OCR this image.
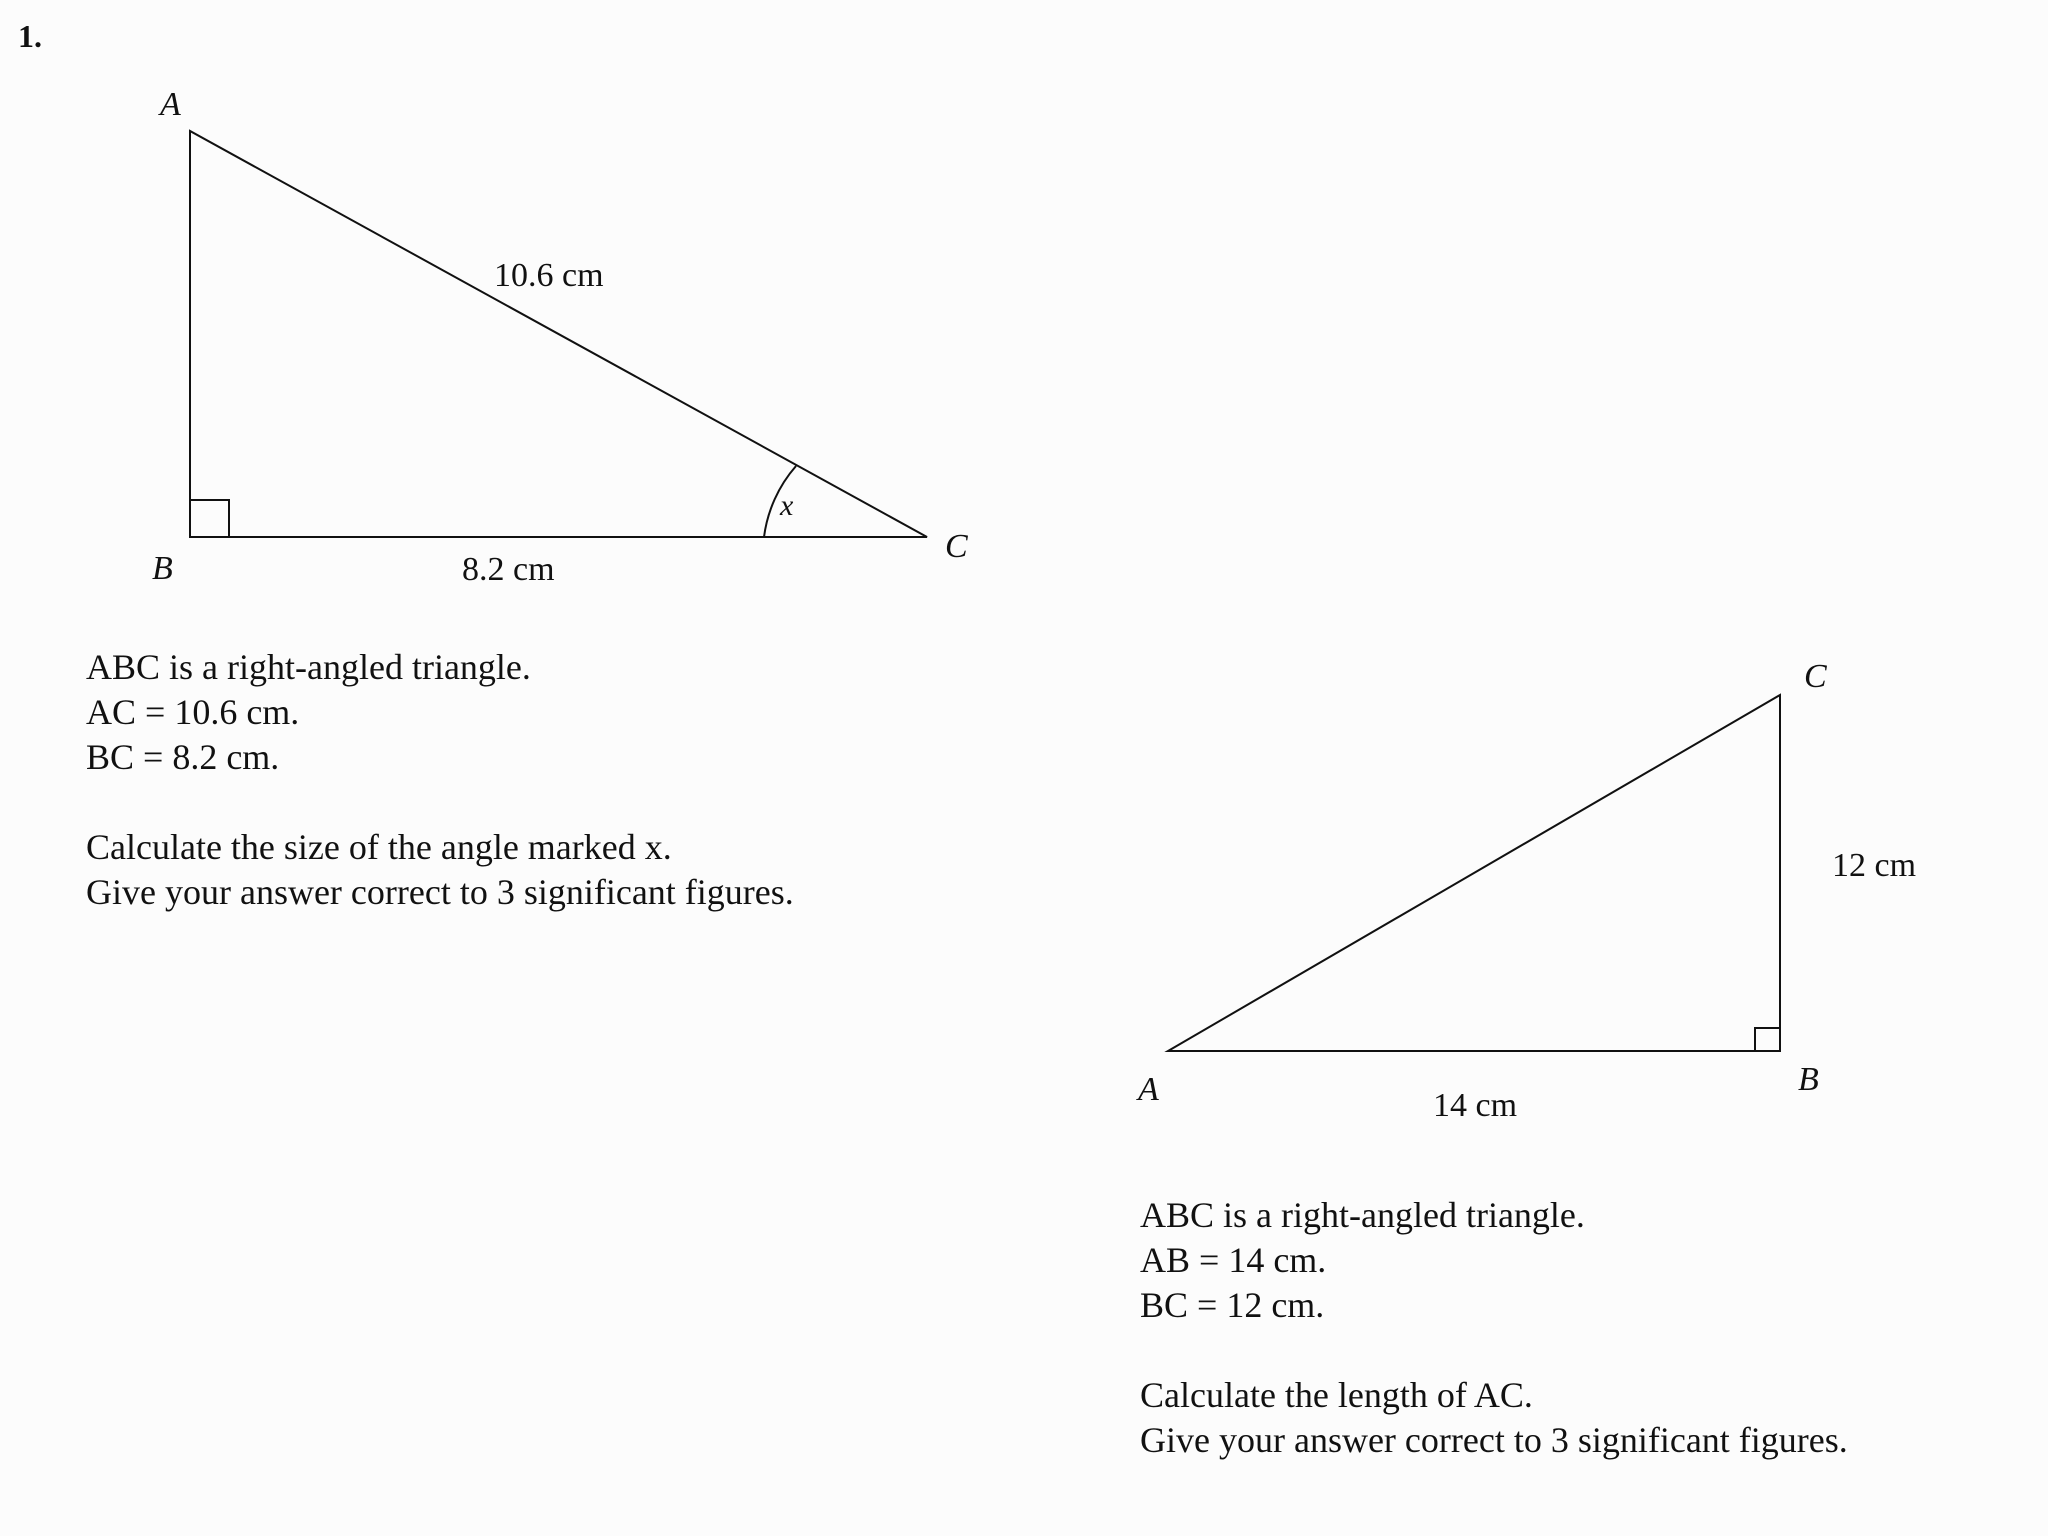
1.
A
B
C
10.6 cm
8.2 cm
x
A	B
C
14 cm
12 cm
ABC is a right-angled triangle.
AC = 10.6 cm.
BC = 8.2 cm.
Calculate the size of the angle marked x.
Give your answer correct to 3 significant figures.
ABC is a right-angled triangle.
AB = 14 cm.
BC = 12 cm.
Calculate the length of AC.
Give your answer correct to 3 significant figures.
